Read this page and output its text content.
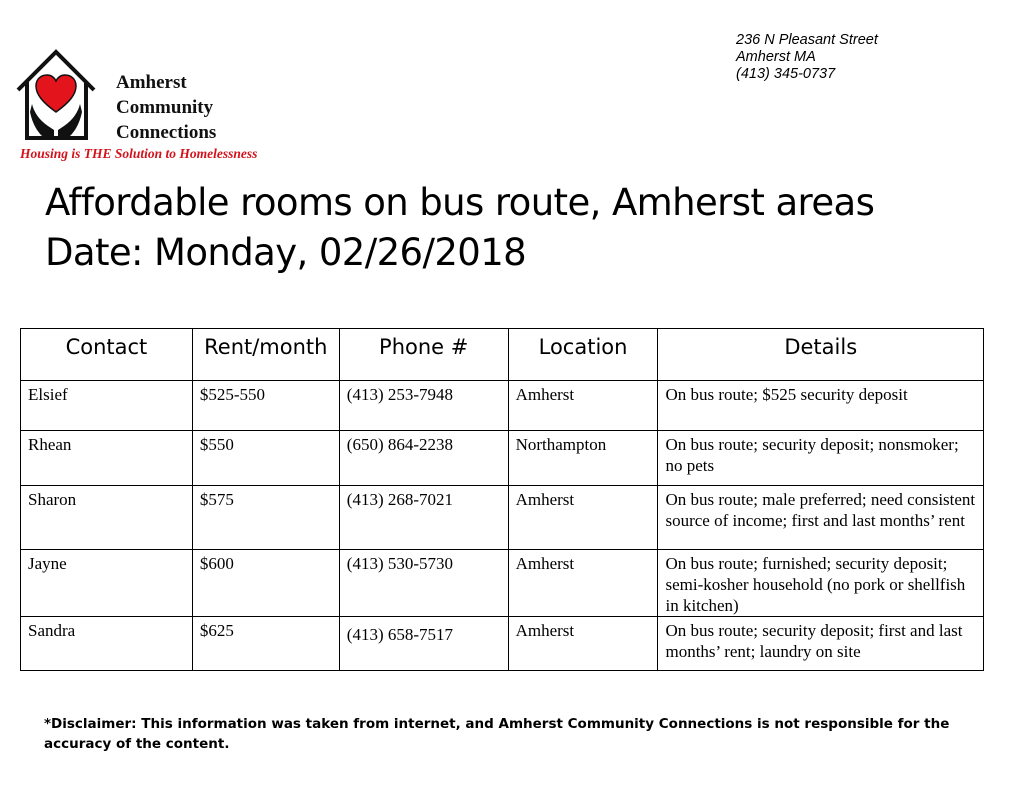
Amherst
Community
Connections
Housing is THE Solution to Homelessness
236 N Pleasant Street
Amherst MA
(413) 345-0737
Affordable rooms on bus route, Amherst areas
Date: Monday, 02/26/2018
Contact	Rent/month	Phone #	Location	Details
Elsief	$525-550	(413) 253-7948	Amherst	On bus route; $525 security deposit
Rhean	$550	(650) 864-2238	Northampton	On bus route; security deposit; nonsmoker; no pets
Sharon	$575	(413) 268-7021	Amherst	On bus route; male preferred; need consistent source of income; first and last months’ rent
Jayne	$600	(413) 530-5730	Amherst	On bus route; furnished; security deposit; semi-kosher household (no pork or shellfish in kitchen)
Sandra	$625	(413) 658-7517	Amherst	On bus route; security deposit; first and last months’ rent; laundry on site
*Disclaimer: This information was taken from internet, and Amherst Community Connections is not responsible for the accuracy of the content.
